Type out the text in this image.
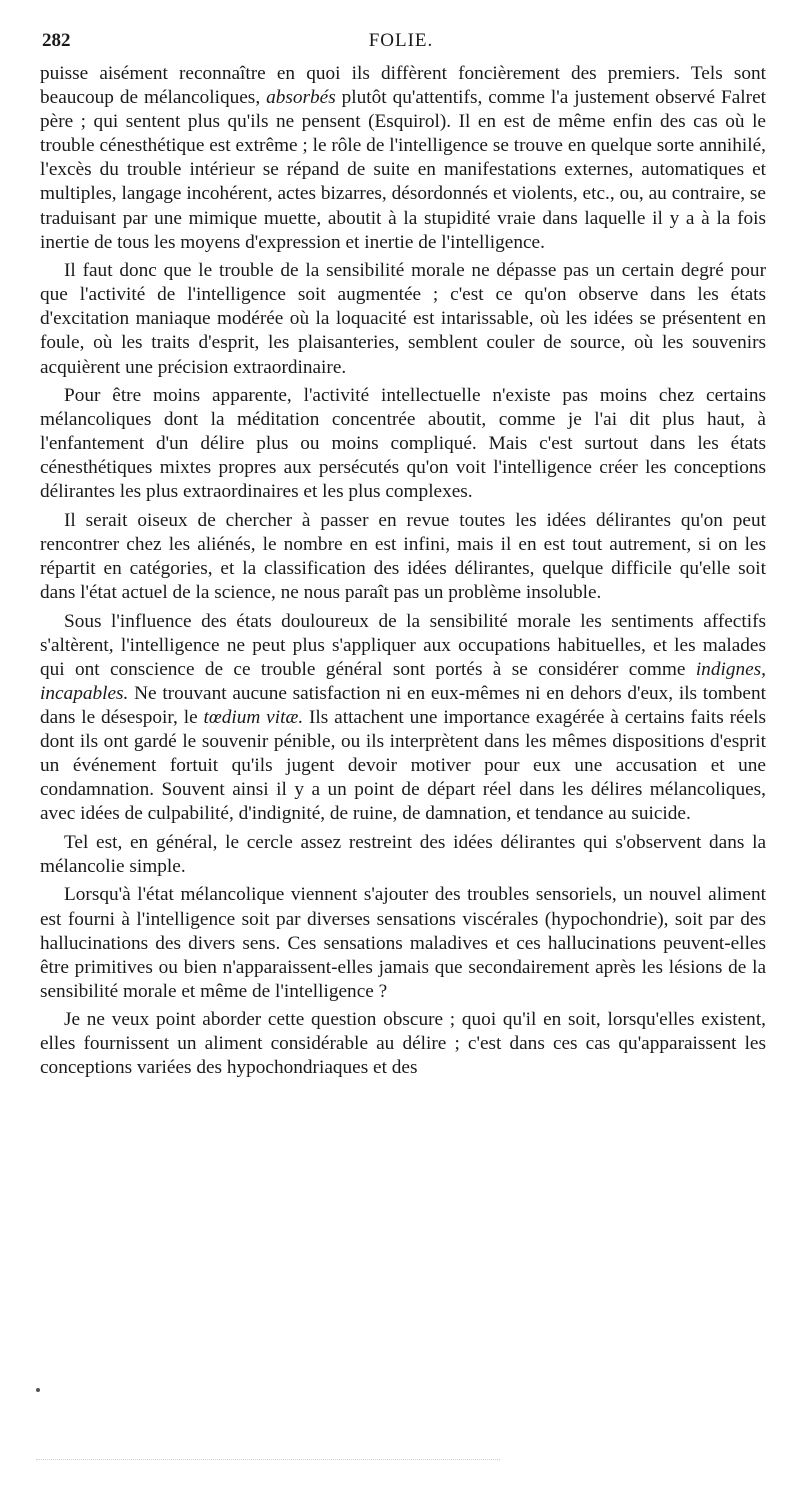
282	FOLIE.

puisse aisément reconnaître en quoi ils diffèrent foncièrement des premiers. Tels sont beaucoup de mélancoliques, absorbés plutôt qu'attentifs, comme l'a justement observé Falret père ; qui sentent plus qu'ils ne pensent (Esquirol). Il en est de même enfin des cas où le trouble cénesthétique est extrême ; le rôle de l'intelligence se trouve en quelque sorte annihilé, l'excès du trouble intérieur se répand de suite en manifestations externes, automatiques et multiples, langage incohérent, actes bizarres, désordonnés et violents, etc., ou, au contraire, se traduisant par une mimique muette, aboutit à la stupidité vraie dans laquelle il y a à la fois inertie de tous les moyens d'expression et inertie de l'intelligence.

Il faut donc que le trouble de la sensibilité morale ne dépasse pas un certain degré pour que l'activité de l'intelligence soit augmentée ; c'est ce qu'on observe dans les états d'excitation maniaque modérée où la loquacité est intarissable, où les idées se présentent en foule, où les traits d'esprit, les plaisanteries, semblent couler de source, où les souvenirs acquièrent une précision extraordinaire.

Pour être moins apparente, l'activité intellectuelle n'existe pas moins chez certains mélancoliques dont la méditation concentrée aboutit, comme je l'ai dit plus haut, à l'enfantement d'un délire plus ou moins compliqué. Mais c'est surtout dans les états cénesthétiques mixtes propres aux persécutés qu'on voit l'intelligence créer les conceptions délirantes les plus extraordinaires et les plus complexes.

Il serait oiseux de chercher à passer en revue toutes les idées délirantes qu'on peut rencontrer chez les aliénés, le nombre en est infini, mais il en est tout autrement, si on les répartit en catégories, et la classification des idées délirantes, quelque difficile qu'elle soit dans l'état actuel de la science, ne nous paraît pas un problème insoluble.

Sous l'influence des états douloureux de la sensibilité morale les sentiments affectifs s'altèrent, l'intelligence ne peut plus s'appliquer aux occupations habituelles, et les malades qui ont conscience de ce trouble général sont portés à se considérer comme indignes, incapables. Ne trouvant aucune satisfaction ni en eux-mêmes ni en dehors d'eux, ils tombent dans le désespoir, le tœdium vitæ. Ils attachent une importance exagérée à certains faits réels dont ils ont gardé le souvenir pénible, ou ils interprètent dans les mêmes dispositions d'esprit un événement fortuit qu'ils jugent devoir motiver pour eux une accusation et une condamnation. Souvent ainsi il y a un point de départ réel dans les délires mélancoliques, avec idées de culpabilité, d'indignité, de ruine, de damnation, et tendance au suicide.

Tel est, en général, le cercle assez restreint des idées délirantes qui s'observent dans la mélancolie simple.

Lorsqu'à l'état mélancolique viennent s'ajouter des troubles sensoriels, un nouvel aliment est fourni à l'intelligence soit par diverses sensations viscérales (hypochondrie), soit par des hallucinations des divers sens. Ces sensations maladives et ces hallucinations peuvent-elles être primitives ou bien n'apparaissent-elles jamais que secondairement après les lésions de la sensibilité morale et même de l'intelligence ?

Je ne veux point aborder cette question obscure ; quoi qu'il en soit, lorsqu'elles existent, elles fournissent un aliment considérable au délire ; c'est dans ces cas qu'apparaissent les conceptions variées des hypochondriaques et des
